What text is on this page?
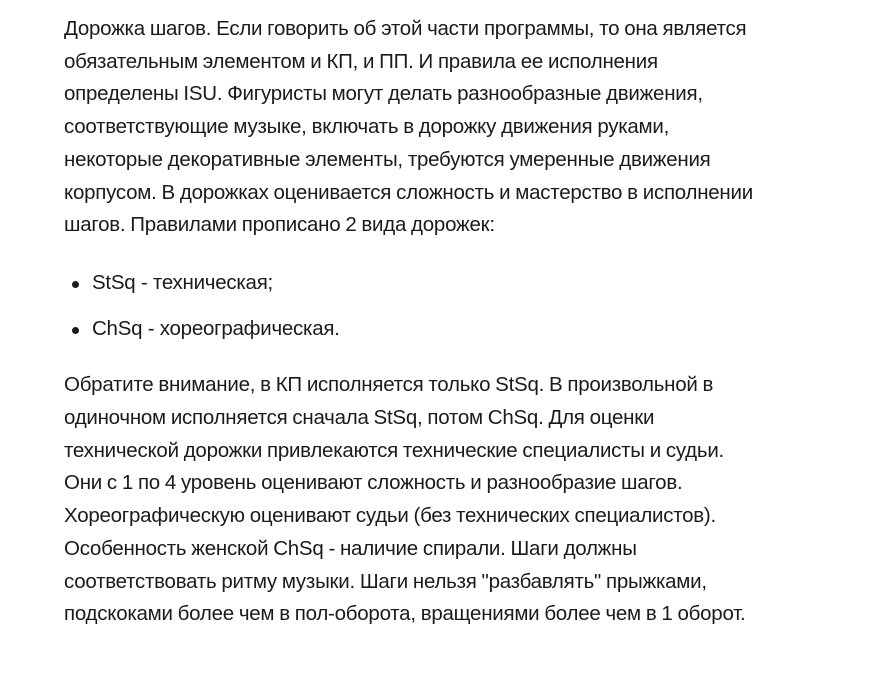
Дорожка шагов. Если говорить об этой части программы, то она является
обязательным элементом и КП, и ПП. И правила ее исполнения
определены ISU. Фигуристы могут делать разнообразные движения,
соответствующие музыке, включать в дорожку движения руками,
некоторые декоративные элементы, требуются умеренные движения
корпусом. В дорожках оценивается сложность и мастерство в исполнении
шагов. Правилами прописано 2 вида дорожек:

StSq - техническая;
ChSq - хореографическая.

Обратите внимание, в КП исполняется только StSq. В произвольной в
одиночном исполняется сначала StSq, потом ChSq. Для оценки
технической дорожки привлекаются технические специалисты и судьи.
Они с 1 по 4 уровень оценивают сложность и разнообразие шагов.
Хореографическую оценивают судьи (без технических специалистов).
Особенность женской ChSq - наличие спирали. Шаги должны
соответствовать ритму музыки. Шаги нельзя "разбавлять" прыжками,
подскоками более чем в пол-оборота, вращениями более чем в 1 оборот.
